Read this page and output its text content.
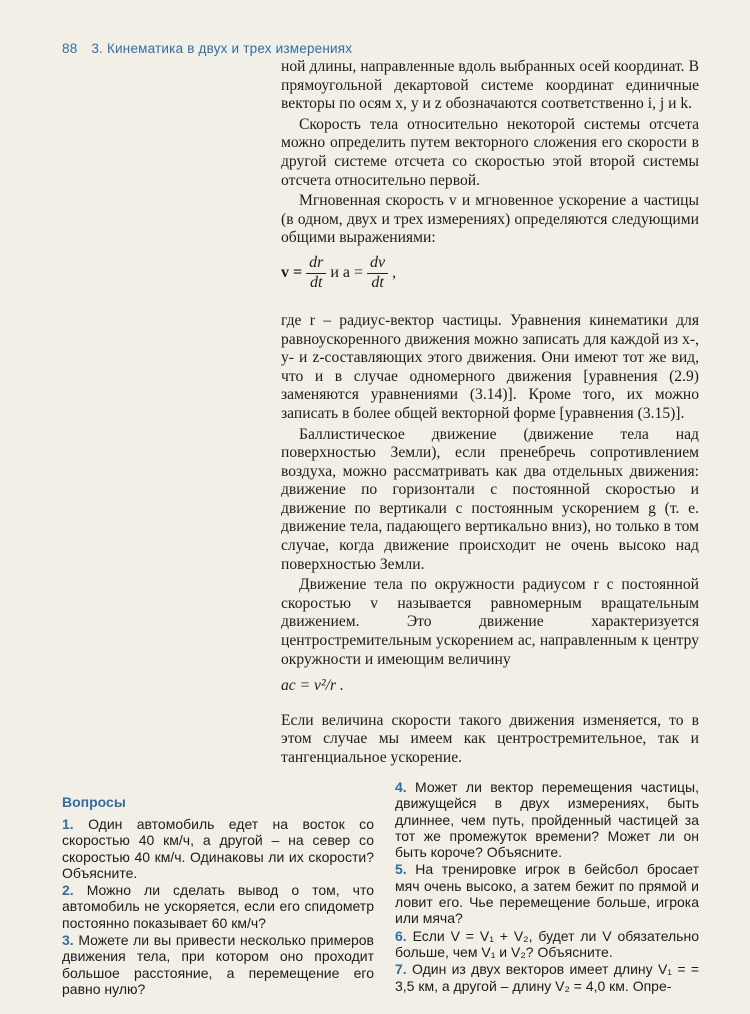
88 3. Кинематика в двух и трех измерениях

ной длины, направленные вдоль выбранных осей координат. В прямоугольной декартовой системе координат единичные векторы по осям x, y и z обозначаются соответственно i, j и k.

Скорость тела относительно некоторой системы отсчета можно определить путем векторного сложения его скорости в другой системе отсчета со скоростью этой второй системы отсчета относительно первой.

Мгновенная скорость v и мгновенное ускорение a частицы (в одном, двух и трех измерениях) определяются следующими общими выражениями:

$v = \frac{dr}{dt}$ и $a = \frac{dv}{dt}$ ,

где r – радиус-вектор частицы. Уравнения кинематики для равноускоренного движения можно записать для каждой из x-, y- и z-составляющих этого движения. Они имеют тот же вид, что и в случае одномерного движения [уравнения (2.9) заменяются уравнениями (3.14)]. Кроме того, их можно записать в более общей векторной форме [уравнения (3.15)].

Баллистическое движение (движение тела над поверхностью Земли), если пренебречь сопротивлением воздуха, можно рассматривать как два отдельных движения: движение по горизонтали с постоянной скоростью и движение по вертикали с постоянным ускорением g (т. е. движение тела, падающего вертикально вниз), но только в том случае, когда движение происходит не очень высоко над поверхностью Земли.

Движение тела по окружности радиусом r с постоянной скоростью v называется равномерным вращательным движением. Это движение характеризуется центростремительным ускорением aс, направленным к центру окружности и имеющим величину

aс = v²/r .

Если величина скорости такого движения изменяется, то в этом случае мы имеем как центростремительное, так и тангенциальное ускорение.

Вопросы

1. Один автомобиль едет на восток со скоростью 40 км/ч, а другой – на север со скоростью 40 км/ч. Одинаковы ли их скорости? Объясните.

2. Можно ли сделать вывод о том, что автомобиль не ускоряется, если его спидометр постоянно показывает 60 км/ч?

3. Можете ли вы привести несколько примеров движения тела, при котором оно проходит большое расстояние, а перемещение его равно нулю?

4. Может ли вектор перемещения частицы, движущейся в двух измерениях, быть длиннее, чем путь, пройденный частицей за тот же промежуток времени? Может ли он быть короче? Объясните.

5. На тренировке игрок в бейсбол бросает мяч очень высоко, а затем бежит по прямой и ловит его. Чье перемещение больше, игрока или мяча?

6. Если V = V₁ + V₂, будет ли V обязательно больше, чем V₁ и V₂? Объясните.

7. Один из двух векторов имеет длину V₁ = = 3,5 км, а другой – длину V₂ = 4,0 км. Опре-
